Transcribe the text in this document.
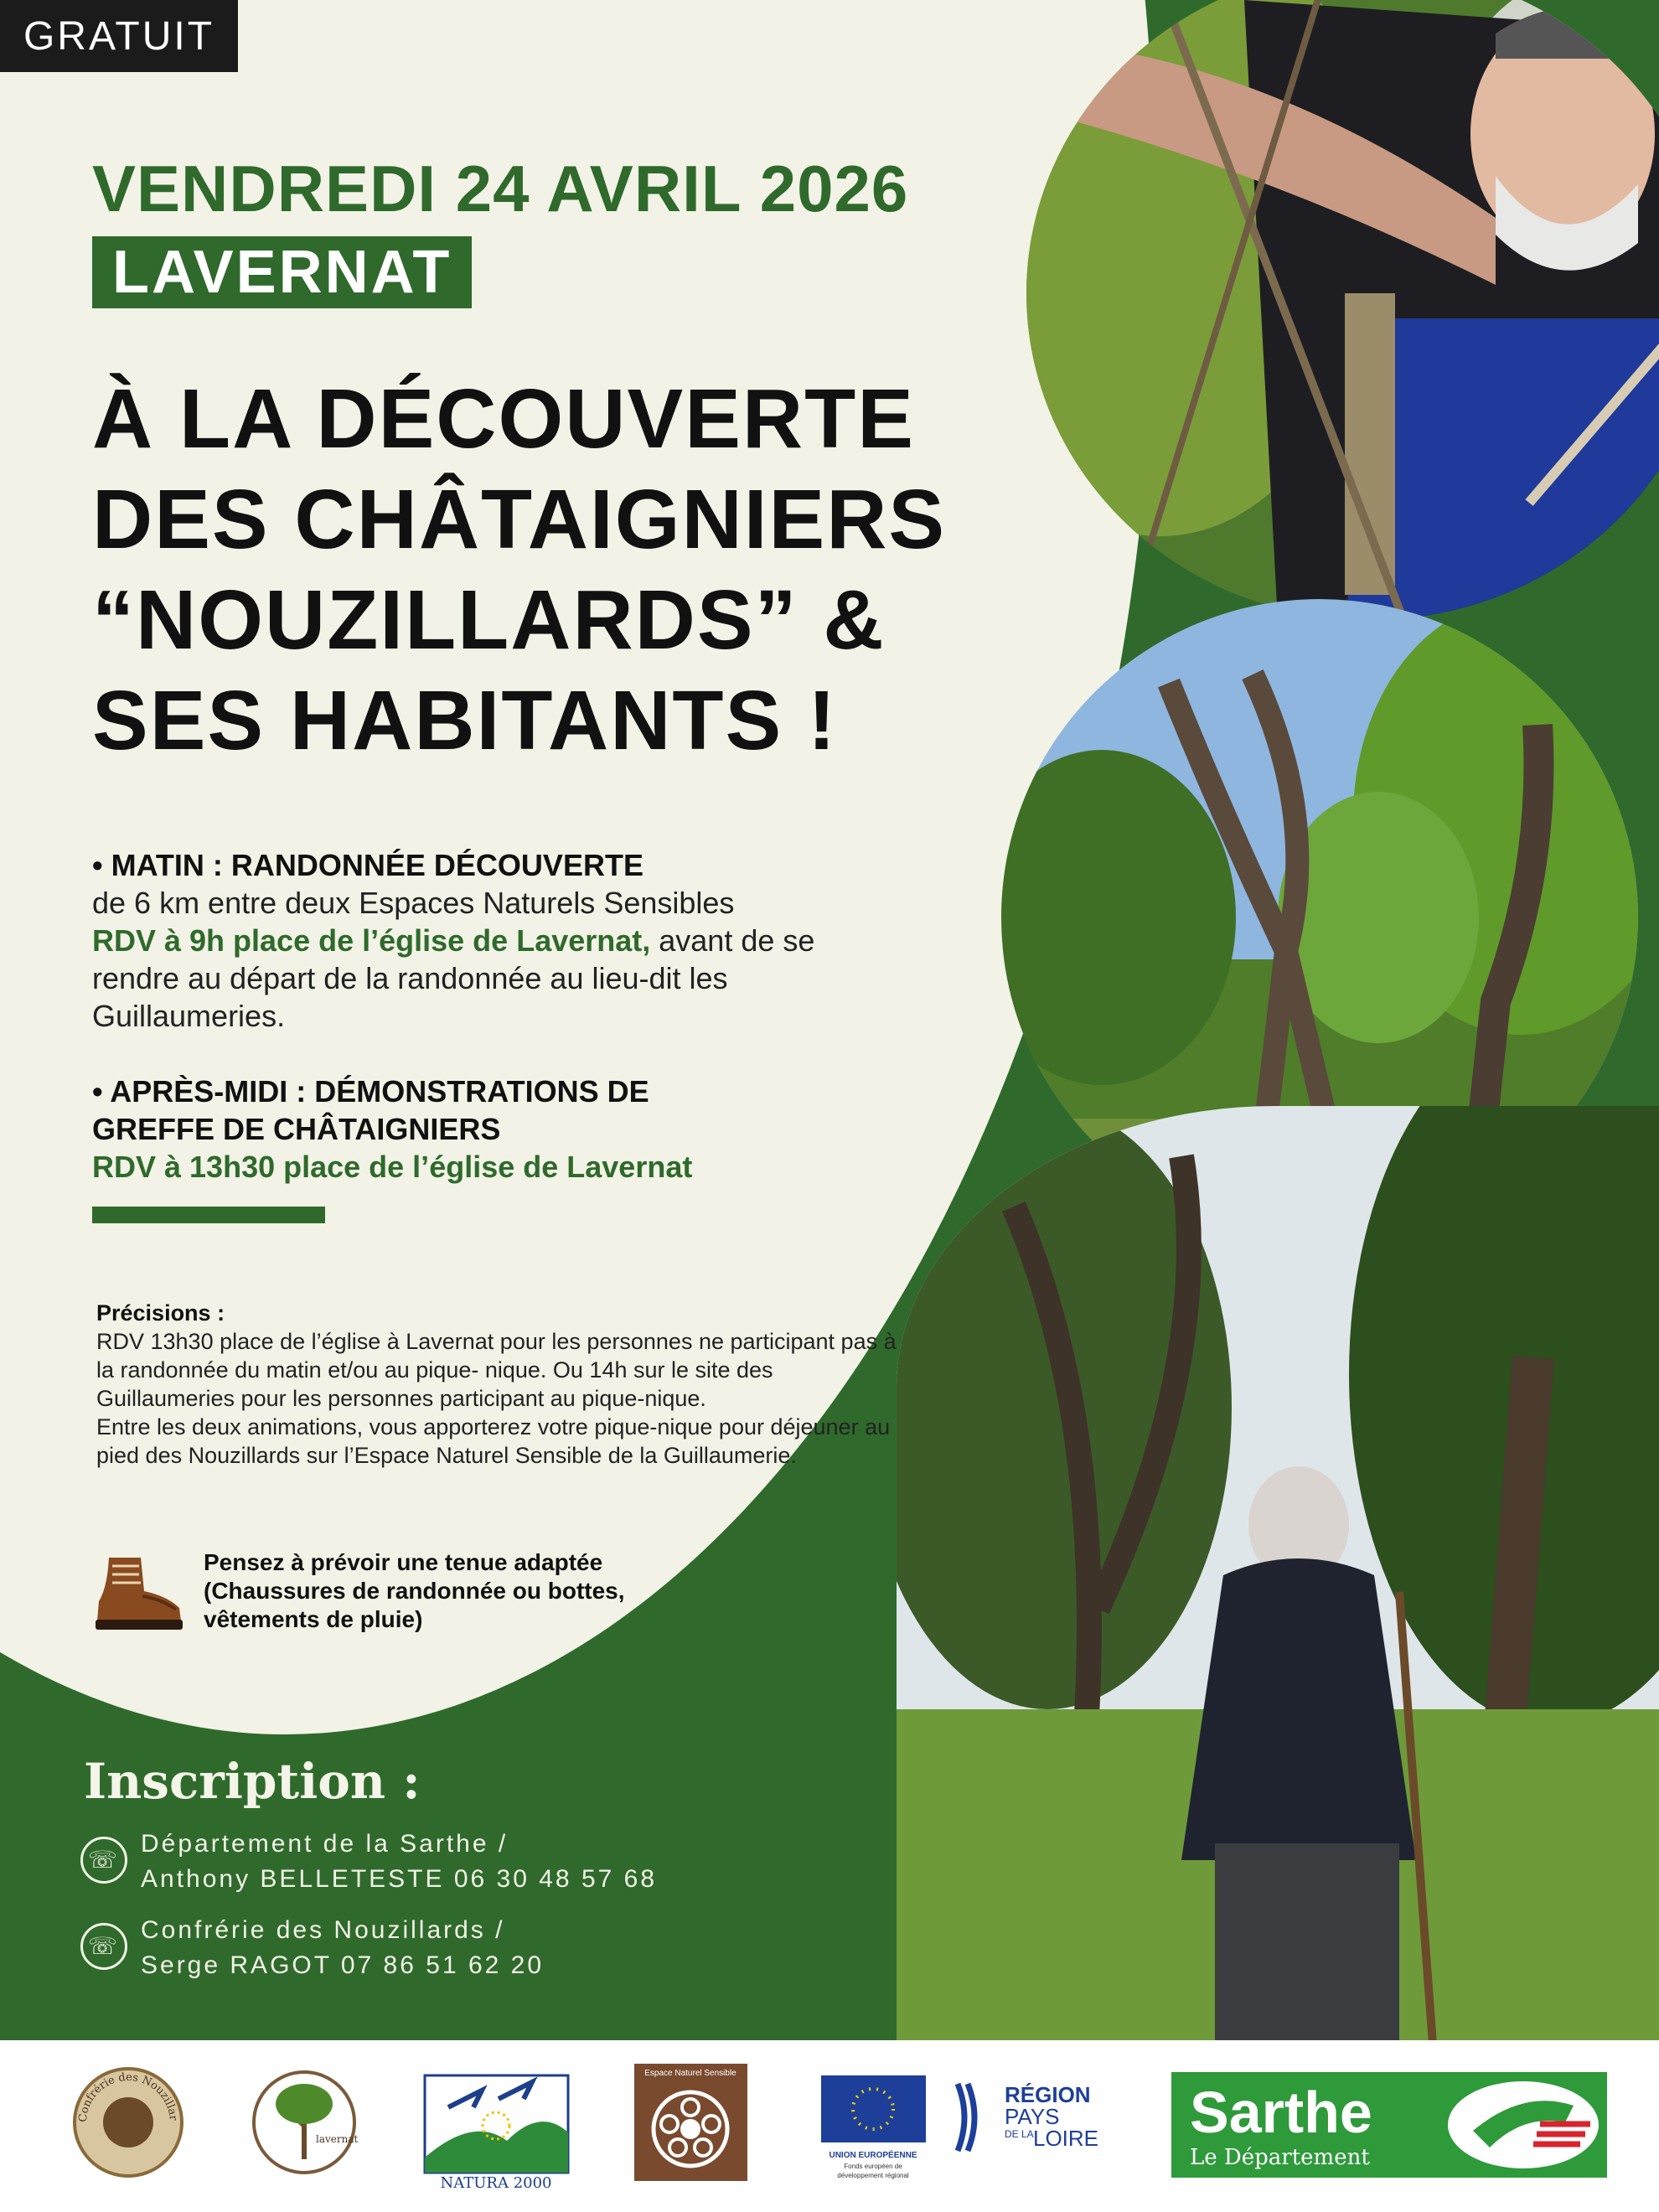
GRATUIT
VENDREDI 24 AVRIL 2026
LAVERNAT
À LA DÉCOUVERTE
DES CHÂTAIGNIERS
“NOUZILLARDS” &
SES HABITANTS !
• MATIN : RANDONNÉE DÉCOUVERTE
de 6 km entre deux Espaces Naturels Sensibles
RDV à 9h place de l’église de Lavernat, avant de se rendre au départ de la randonnée au lieu-dit les Guillaumeries.
• APRÈS-MIDI : DÉMONSTRATIONS DE GREFFE DE CHÂTAIGNIERS
RDV à 13h30 place de l’église de Lavernat
Précisions :
RDV 13h30 place de l’église à Lavernat pour les personnes ne participant pas à la randonnée du matin et/ou au pique- nique. Ou 14h sur le site des Guillaumeries pour les personnes participant au pique-nique.
Entre les deux animations, vous apporterez votre pique-nique pour déjeuner au pied des Nouzillards sur l’Espace Naturel Sensible de la Guillaumerie.
Pensez à prévoir une tenue adaptée
(Chaussures de randonnée ou bottes,
vêtements de pluie)
Inscription :
☏
Département de la Sarthe /
Anthony BELLETESTE 06 30 48 57 68
☏
Confrérie des Nouzillards /
Serge RAGOT 07 86 51 62 20
Confrérie des Nouzillar
lavernat
NATURA 2000
Espace Naturel Sensible
UNION EUROPÉENNE
Fonds européen de
développement régional
RÉGION
PAYS
DE LA LOIRE Sarthe
Le Département
